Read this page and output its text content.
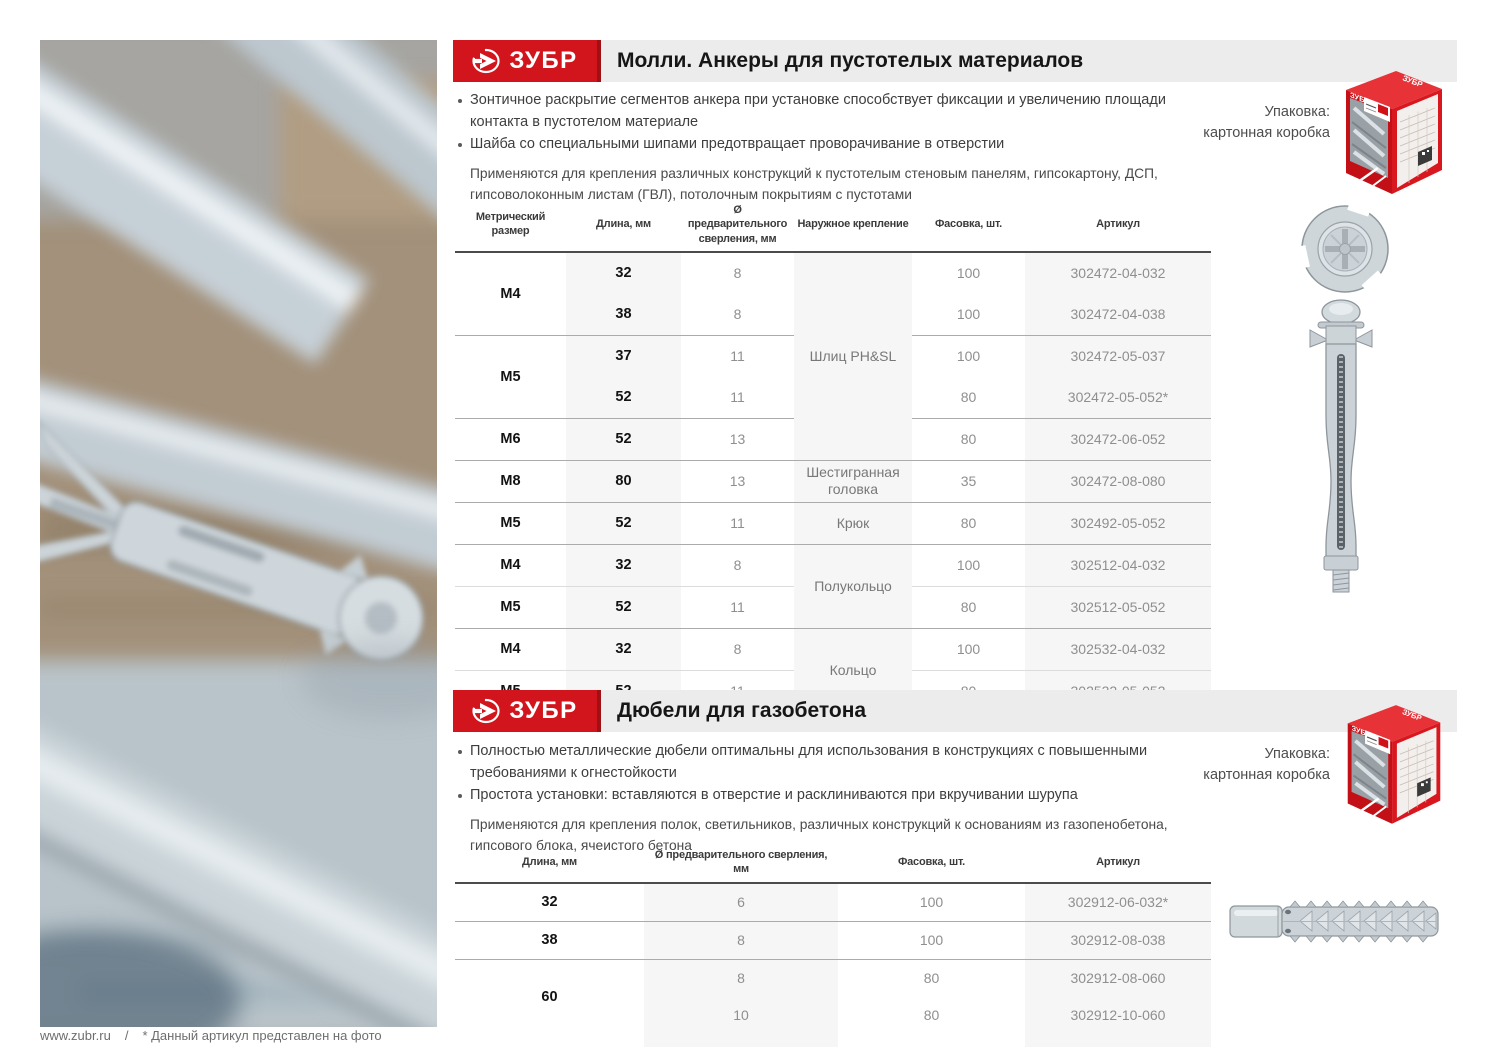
ЗУБР	Молли. Анкеры для пустотелых материалов
Зонтичное раскрытие сегментов анкера при установке способствует фиксации и увеличению площади контакта в пустотелом материале
Шайба со специальными шипами предотвращает проворачивание в отверстии
Применяются для крепления различных конструкций к пустотелым стеновым панелям, гипсокартону, ДСП, гипсоволоконным листам (ГВЛ), потолочным покрытиям с пустотами
Метрический размер	Длина, мм	Ø предварительного сверления, мм	Наружное крепление	Фасовка, шт.	Артикул
M4	32	8	Шлиц PH&SL	100	302472-04-032
	38	8		100	302472-04-038
M5	37	11		100	302472-05-037
	52	11		80	302472-05-052*
M6	52	13		80	302472-06-052
M8	80	13	Шестигранная головка	35	302472-08-080
M5	52	11	Крюк	80	302492-05-052
M4	32	8	Полукольцо	100	302512-04-032
M5	52	11		80	302512-05-052
M4	32	8	Кольцо	100	302532-04-032

ЗУБР	Дюбели для газобетона
Полностью металлические дюбели оптимальны для использования в конструкциях с повышенными требованиями к огнестойкости
Простота установки: вставляются в отверстие и расклиниваются при вкручивании шурупа
Применяются для крепления полок, светильников, различных конструкций к основаниям из газопенобетона, гипсового блока, ячеистого бетона
Длина, мм	Ø предварительного сверления, мм	Фасовка, шт.	Артикул
32	6	100	302912-06-032*
38	8	100	302912-08-038
60	8	80	302912-08-060
	10	80	302912-10-060

Упаковка:
картонная коробка
Упаковка:
картонная коробка
ЗУБР
ЗУБР
www.zubr.ru / * Данный артикул представлен на фото
